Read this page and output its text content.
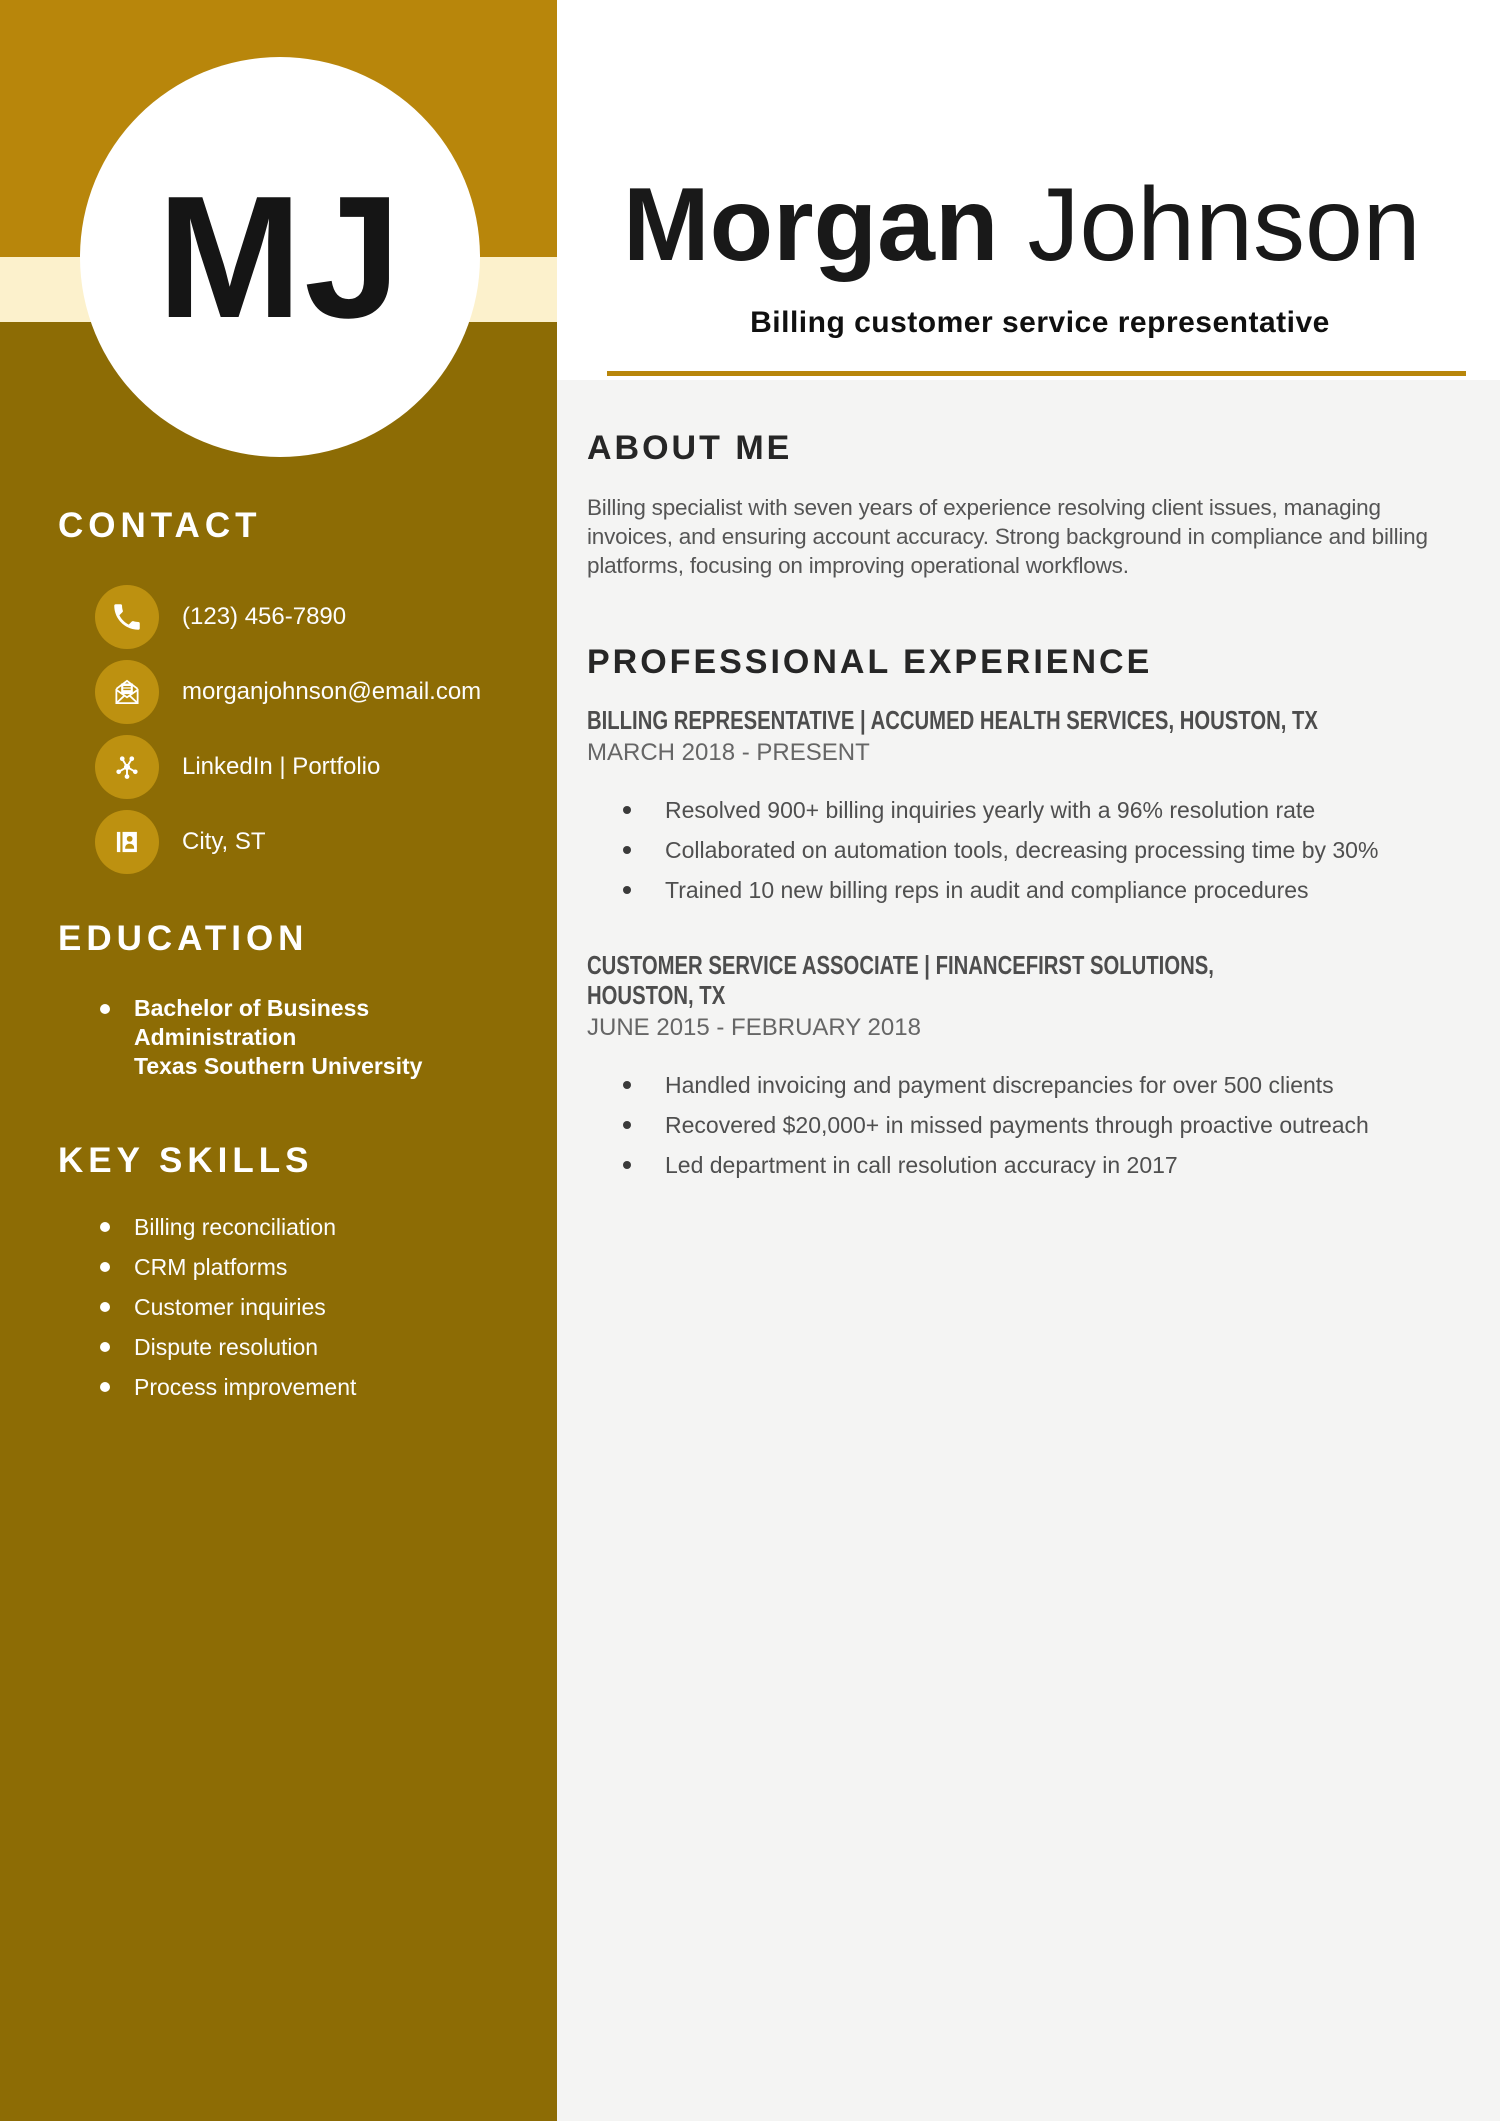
MJ
CONTACT
(123) 456-7890
morganjohnson@email.com
LinkedIn | Portfolio
City, ST
EDUCATION
Bachelor of Business Administration
Texas Southern University
KEY SKILLS
Billing reconciliation
CRM platforms
Customer inquiries
Dispute resolution
Process improvement
Morgan Johnson
Billing customer service representative
ABOUT ME

Billing specialist with seven years of experience resolving client issues, managing invoices, and ensuring account accuracy. Strong background in compliance and billing platforms, focusing on improving operational workflows.

PROFESSIONAL EXPERIENCE
BILLING REPRESENTATIVE | ACCUMED HEALTH SERVICES, HOUSTON, TX
MARCH 2018 - PRESENT
Resolved 900+ billing inquiries yearly with a 96% resolution rate
Collaborated on automation tools, decreasing processing time by 30%
Trained 10 new billing reps in audit and compliance procedures
CUSTOMER SERVICE ASSOCIATE | FINANCEFIRST SOLUTIONS,
HOUSTON, TX
JUNE 2015 - FEBRUARY 2018
Handled invoicing and payment discrepancies for over 500 clients
Recovered $20,000+ in missed payments through proactive outreach
Led department in call resolution accuracy in 2017
